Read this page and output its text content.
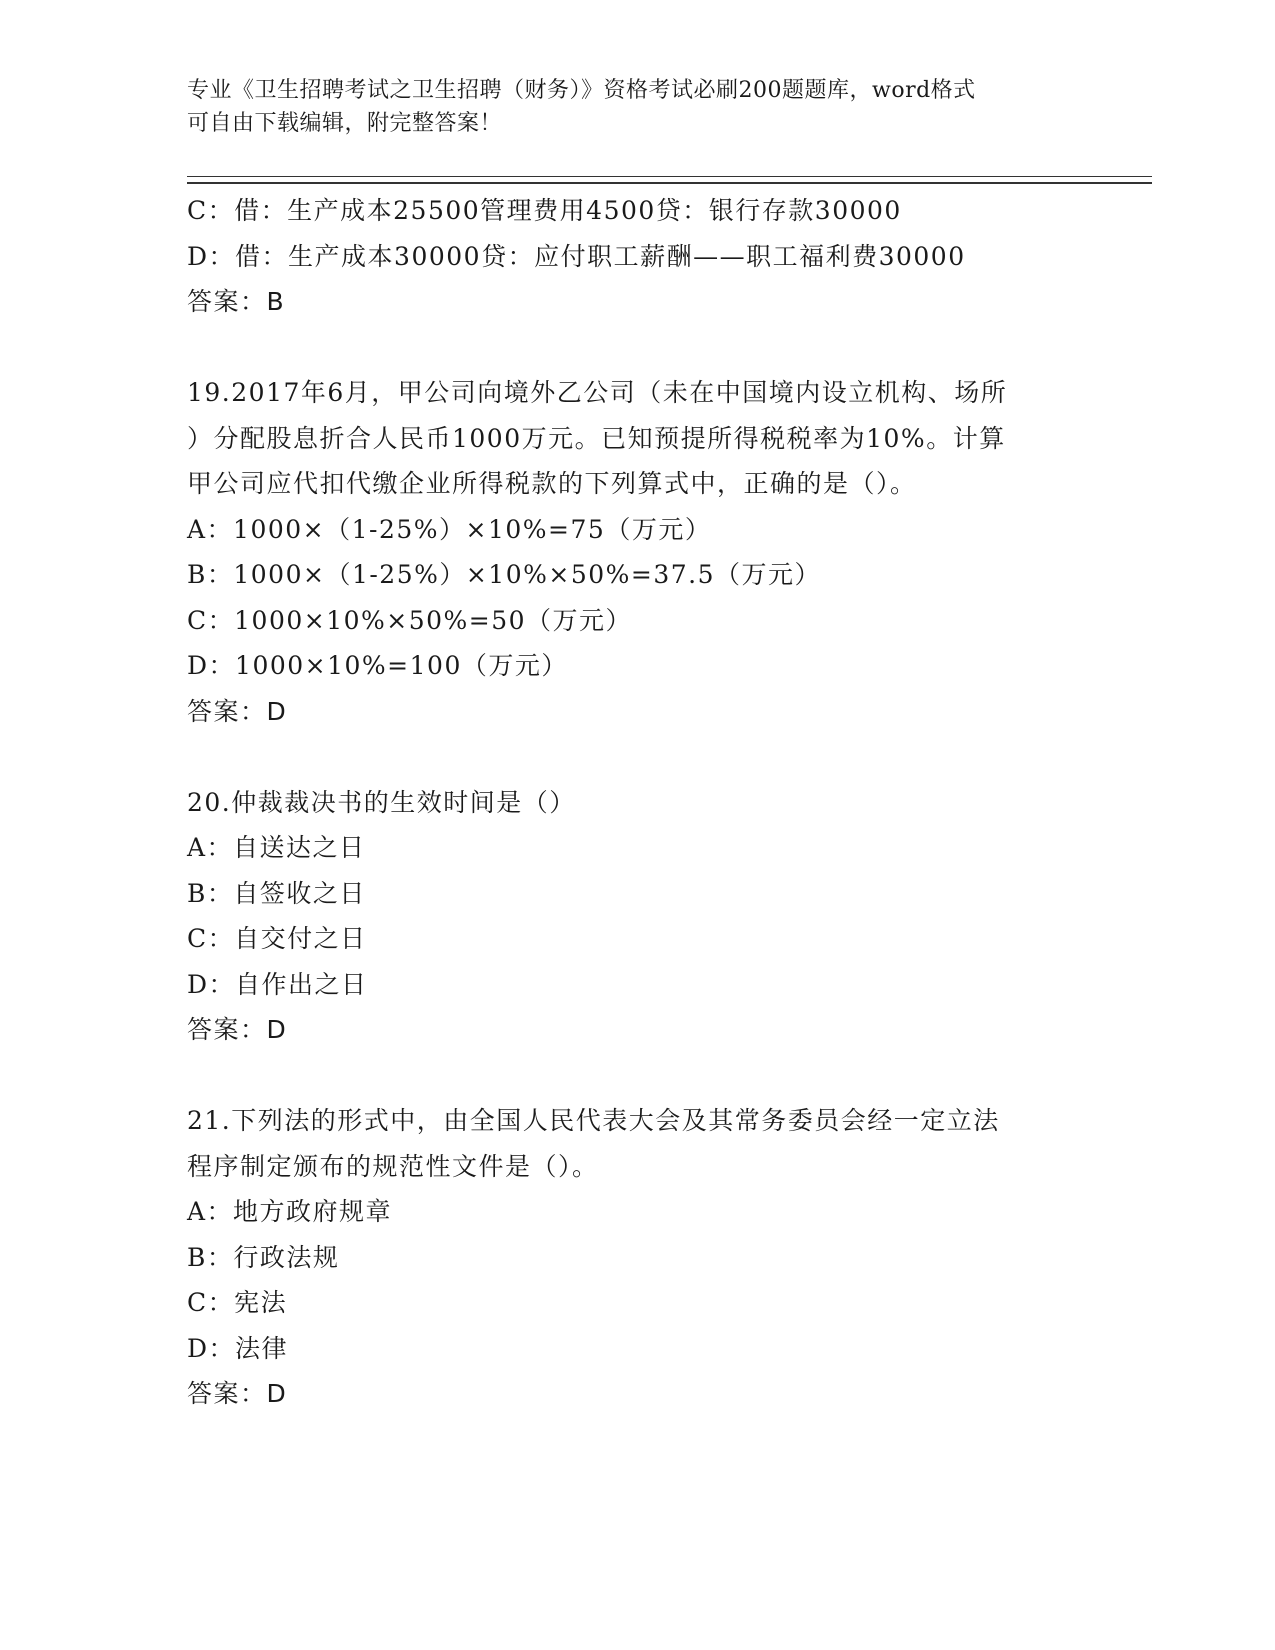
专业《卫生招聘考试之卫生招聘（财务）》资格考试必刷200题题库，word格式
可自由下载编辑，附完整答案！
C：借：生产成本25500管理费用4500贷：银行存款30000
D：借：生产成本30000贷：应付职工薪酬——职工福利费30000
答案：B
19.2017年6月，甲公司向境外乙公司（未在中国境内设立机构、场所
）分配股息折合人民币1000万元。已知预提所得税税率为10%。计算
甲公司应代扣代缴企业所得税款的下列算式中，正确的是（）。
A：1000×（1-25%）×10%=75（万元）
B：1000×（1-25%）×10%×50%=37.5（万元）
C：1000×10%×50%=50（万元）
D：1000×10%=100（万元）
答案：D
20.仲裁裁决书的生效时间是（）
A：自送达之日
B：自签收之日
C：自交付之日
D：自作出之日
答案：D
21.下列法的形式中，由全国人民代表大会及其常务委员会经一定立法
程序制定颁布的规范性文件是（）。
A：地方政府规章
B：行政法规
C：宪法
D：法律
答案：D
